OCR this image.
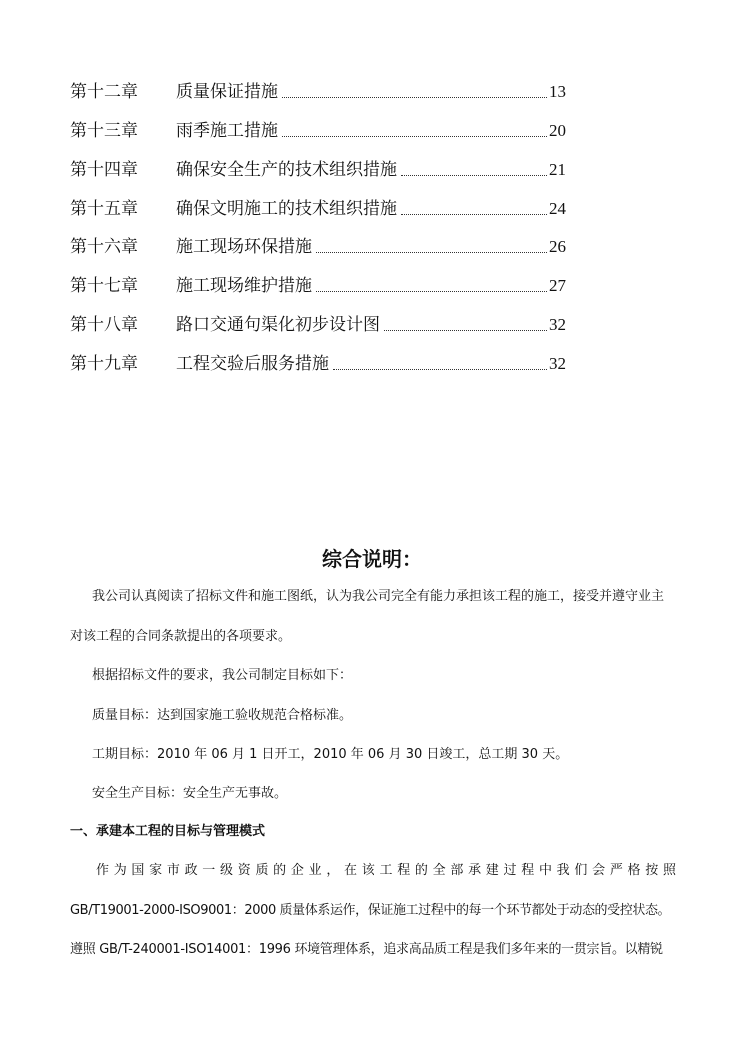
第十二章	质量保证措施	13
第十三章	雨季施工措施	20
第十四章	确保安全生产的技术组织措施	21
第十五章	确保文明施工的技术组织措施	24
第十六章	施工现场环保措施	26
第十七章	施工现场维护措施	27
第十八章	路口交通句渠化初步设计图	32
第十九章	工程交验后服务措施	32
综合说明：
我公司认真阅读了招标文件和施工图纸，认为我公司完全有能力承担该工程的施工，接受并遵守业主
对该工程的合同条款提出的各项要求。
根据招标文件的要求，我公司制定目标如下：
质量目标：达到国家施工验收规范合格标准。
工期目标：2010 年 06 月 1 日开工，2010 年 06 月 30 日竣工，总工期 30 天。
安全生产目标：安全生产无事故。
一、承建本工程的目标与管理模式
作为国家市政一级资质的企业，在该工程的全部承建过程中我们会严格按照
GB/T19001-2000-ISO9001：2000 质量体系运作，保证施工过程中的每一个环节都处于动态的受控状态。
遵照 GB/T-240001-ISO14001：1996 环境管理体系，追求高品质工程是我们多年来的一贯宗旨。以精锐
